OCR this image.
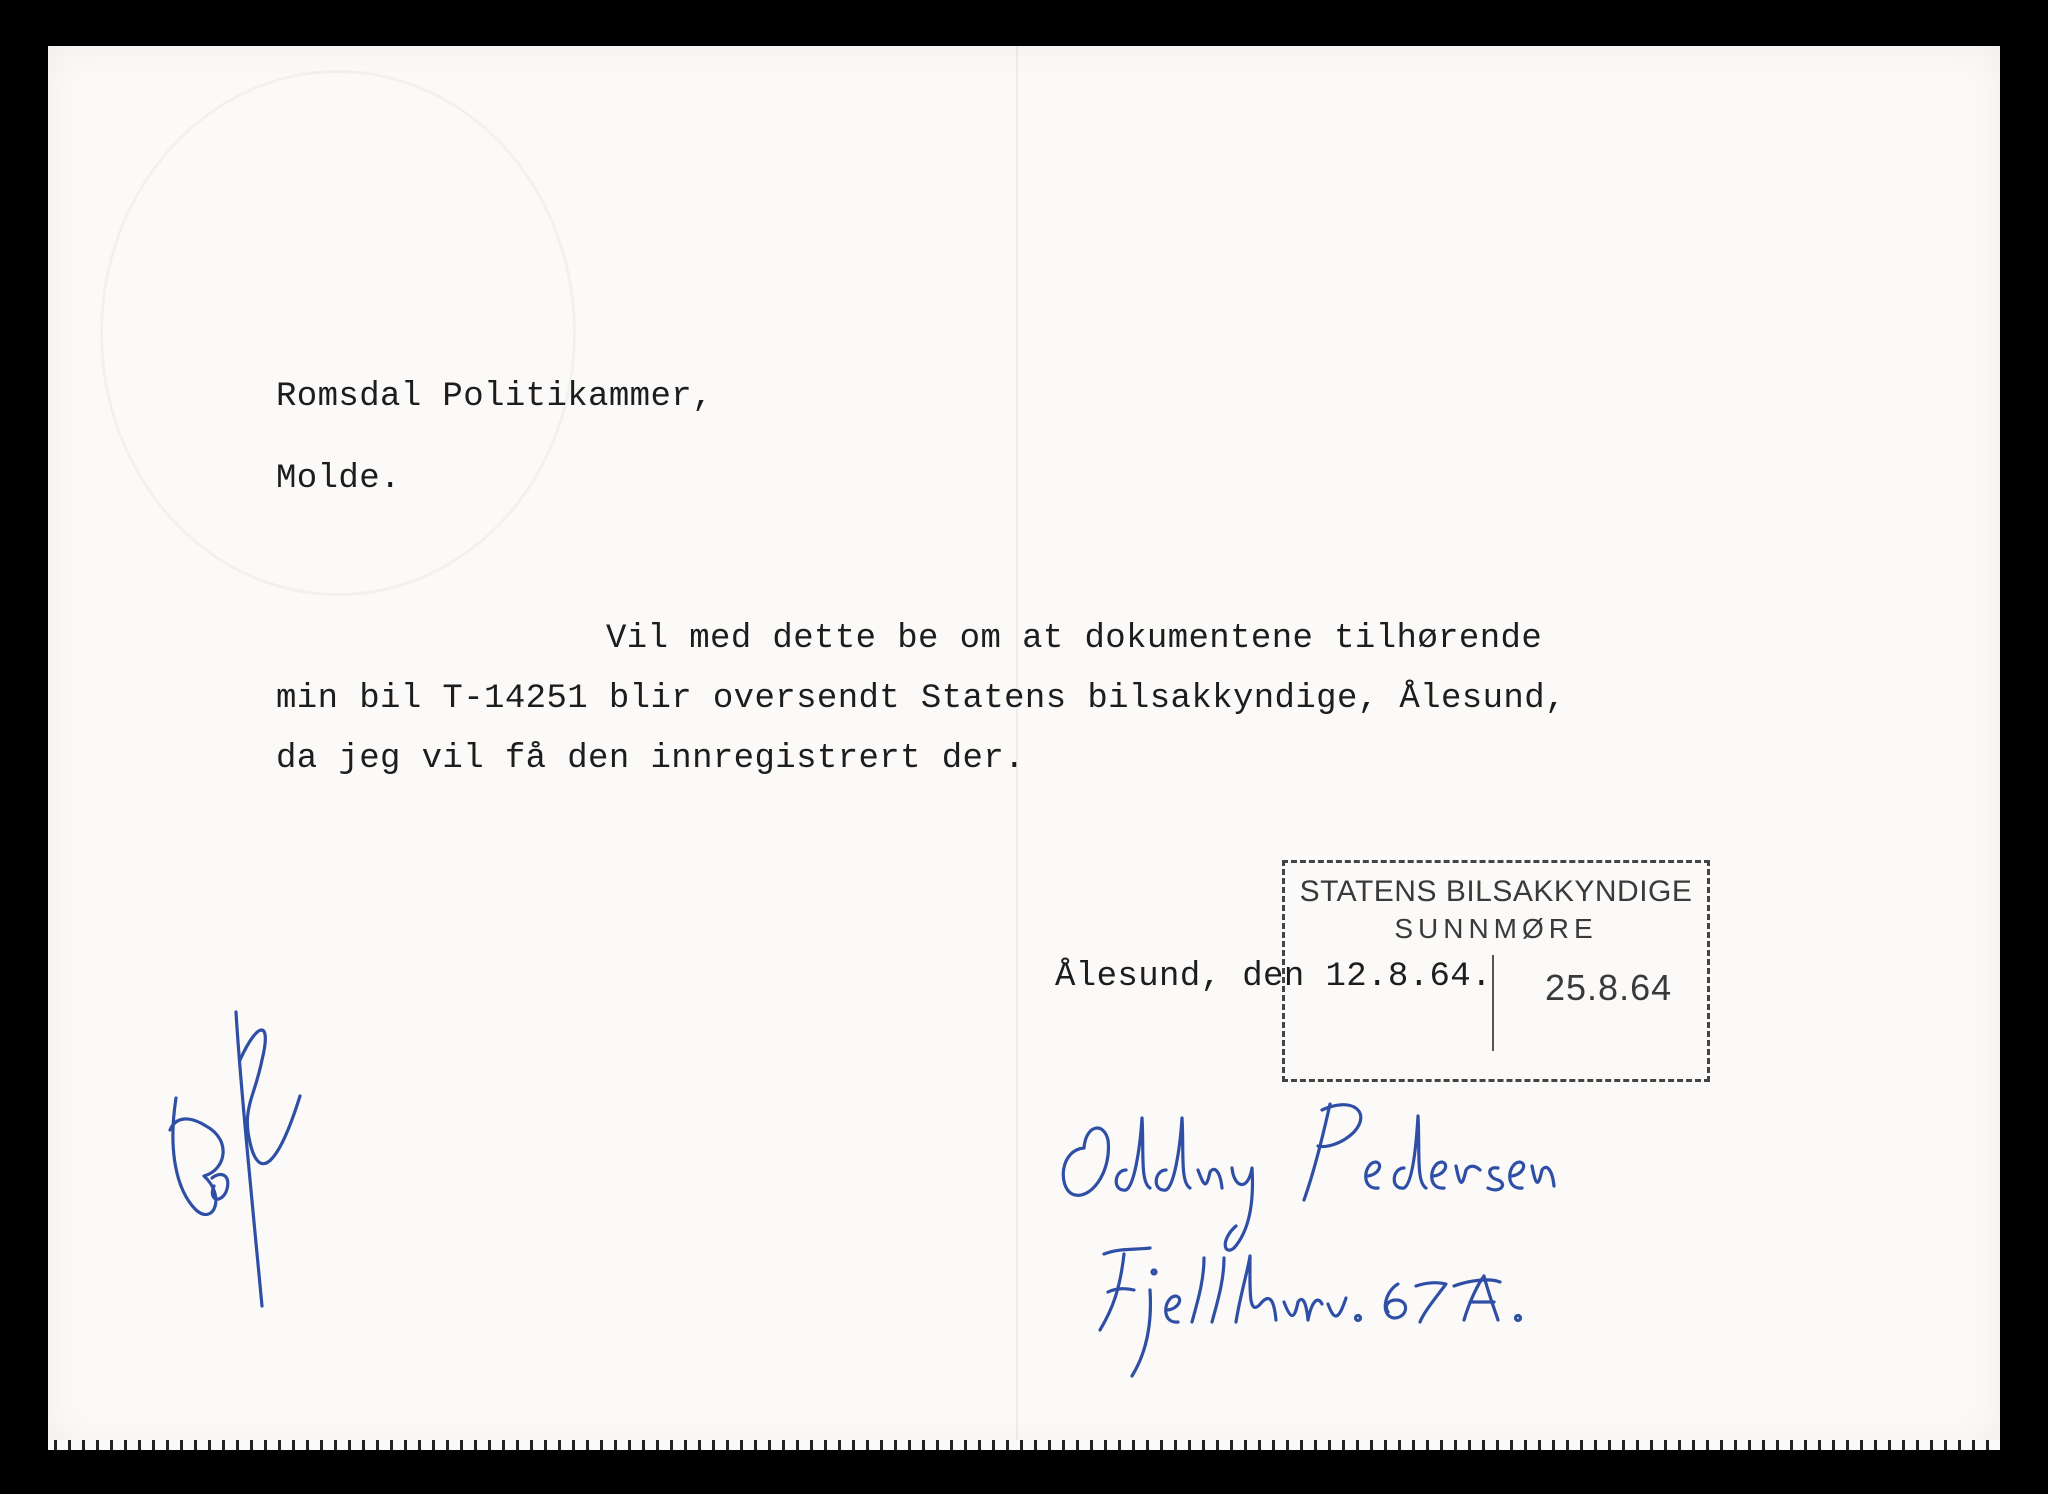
Romsdal Politikammer,
Molde.
Vil med dette be om at dokumentene tilhørende
min bil T-14251 blir oversendt Statens bilsakkyndige, Ålesund,
da jeg vil få den innregistrert der.
Ålesund, den 12.8.64.
STATENS BILSAKKYNDIGE
SUNNMØRE
25.8.64
